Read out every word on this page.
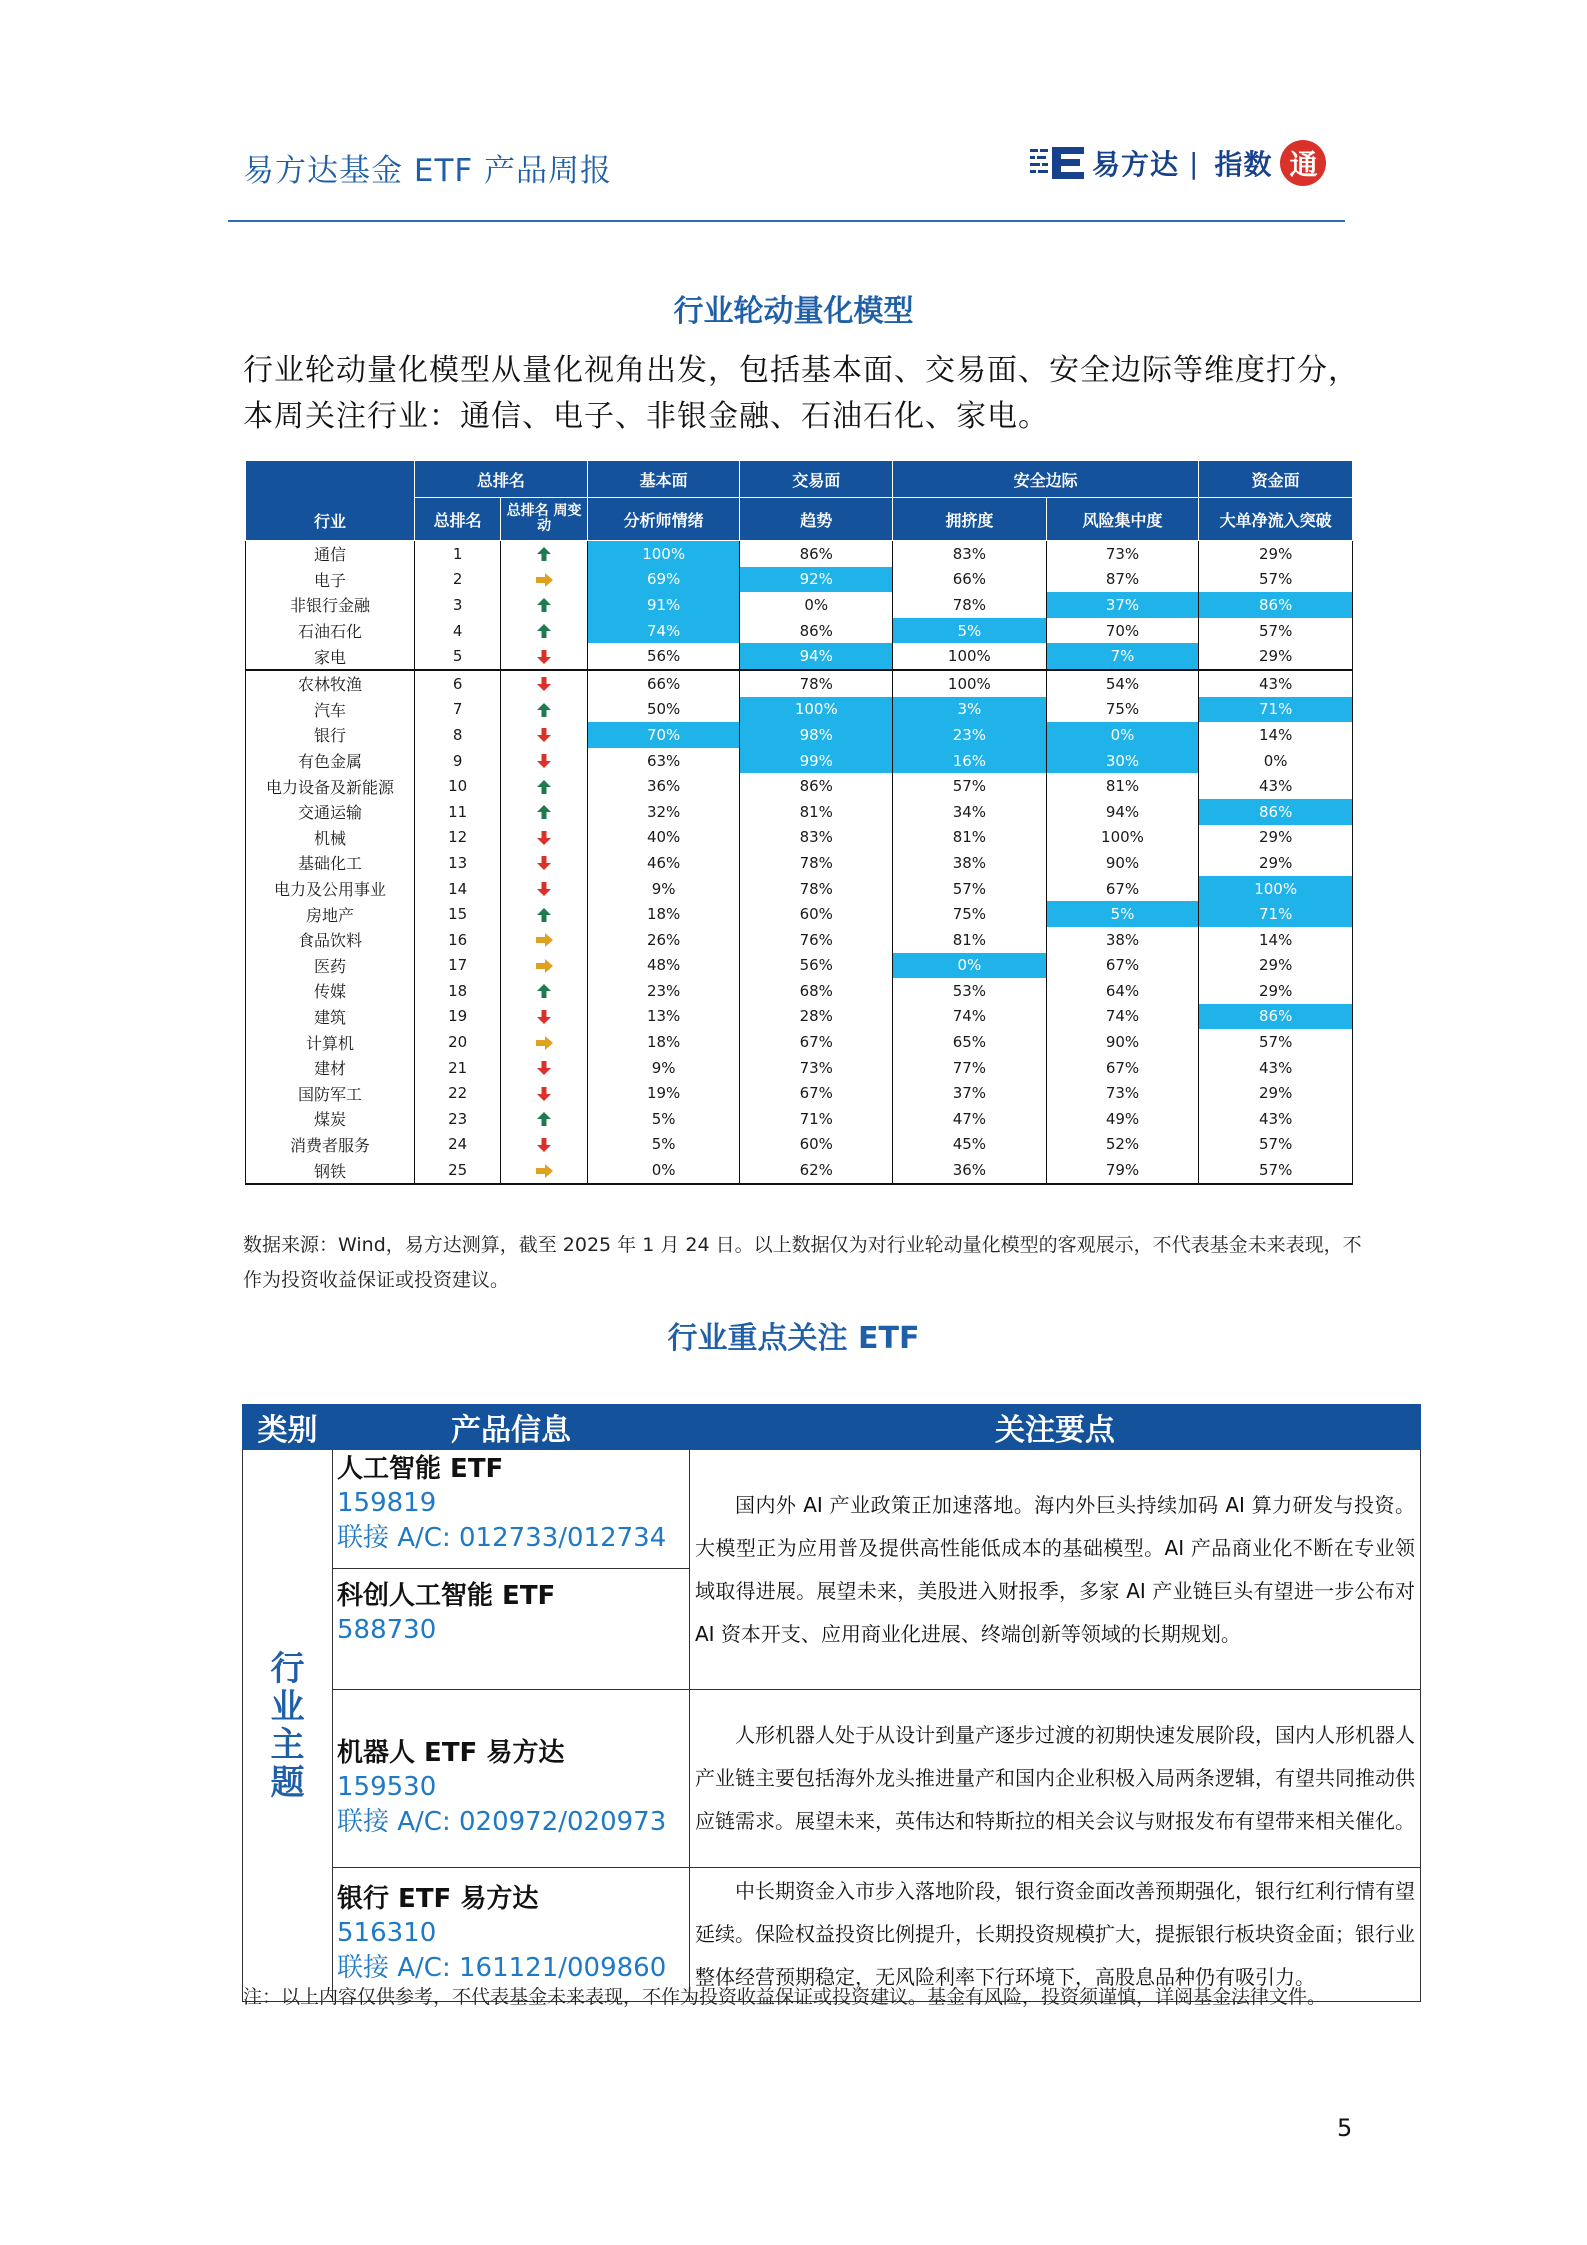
易方达基金 ETF 产品周报	易方达 | 指数 通
行业轮动量化模型
行业轮动量化模型从量化视角出发，包括基本面、交易面、安全边际等维度打分，本周关注行业：通信、电子、非银金融、石油石化、家电。
行业	总排名		基本面	交易面	安全边际		资金面
	总排名	总排名 周变动	分析师情绪	趋势	拥挤度	风险集中度	大单净流入突破
通信	1		100%	86%	83%	73%	29%
电子	2		69%	92%	66%	87%	57%
非银行金融	3		91%	0%	78%	37%	86%
石油石化	4		74%	86%	5%	70%	57%
家电	5		56%	94%	100%	7%	29%
农林牧渔	6		66%	78%	100%	54%	43%
汽车	7		50%	100%	3%	75%	71%
银行	8		70%	98%	23%	0%	14%
有色金属	9		63%	99%	16%	30%	0%
电力设备及新能源	10		36%	86%	57%	81%	43%
交通运输	11		32%	81%	34%	94%	86%
机械	12		40%	83%	81%	100%	29%
基础化工	13		46%	78%	38%	90%	29%
电力及公用事业	14		9%	78%	57%	67%	100%
房地产	15		18%	60%	75%	5%	71%
食品饮料	16		26%	76%	81%	38%	14%
医药	17		48%	56%	0%	67%	29%
传媒	18		23%	68%	53%	64%	29%
建筑	19		13%	28%	74%	74%	86%
计算机	20		18%	67%	65%	90%	57%
建材	21		9%	73%	77%	67%	43%
国防军工	22		19%	67%	37%	73%	29%
煤炭	23		5%	71%	47%	49%	43%
消费者服务	24		5%	60%	45%	52%	57%
钢铁	25		0%	62%	36%	79%	57%
数据来源：Wind，易方达测算，截至 2025 年 1 月 24 日。以上数据仅为对行业轮动量化模型的客观展示，不代表基金未来表现，不作为投资收益保证或投资建议。
行业重点关注 ETF
类别	产品信息	关注要点

行业主题	人工智能 ETF
159819
联接 A/C: 012733/012734
科创人工智能 ETF
588730	国内外 AI 产业政策正加速落地。海内外巨头持续加码 AI 算力研发与投资。大模型正为应用普及提供高性能低成本的基础模型。AI 产品商业化不断在专业领域取得进展。展望未来，美股进入财报季，多家 AI 产业链巨头有望进一步公布对 AI 资本开支、应用商业化进展、终端创新等领域的长期规划。

	机器人 ETF 易方达
159530
联接 A/C: 020972/020973	人形机器人处于从设计到量产逐步过渡的初期快速发展阶段，国内人形机器人产业链主要包括海外龙头推进量产和国内企业积极入局两条逻辑，有望共同推动供应链需求。展望未来，英伟达和特斯拉的相关会议与财报发布有望带来相关催化。

	银行 ETF 易方达
516310
联接 A/C: 161121/009860	中长期资金入市步入落地阶段，银行资金面改善预期强化，银行红利行情有望延续。保险权益投资比例提升，长期投资规模扩大，提振银行板块资金面；银行业整体经营预期稳定，无风险利率下行环境下，高股息品种仍有吸引力。
注：以上内容仅供参考，不代表基金未来表现，不作为投资收益保证或投资建议。基金有风险，投资须谨慎，详阅基金法律文件。
5
